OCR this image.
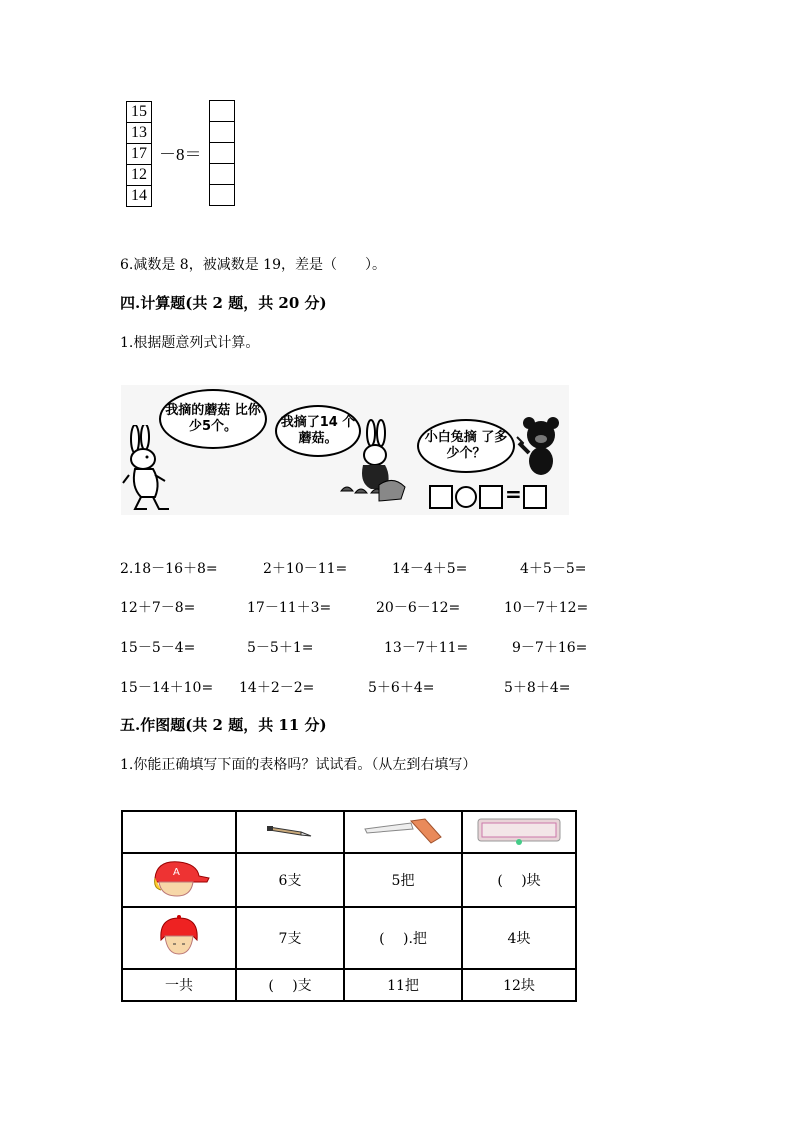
15
13
17
12
14
－8＝
6.减数是 8，被减数是 19，差是（　　）。
四.计算题(共 2 题，共 20 分)
1.根据题意列式计算。
我摘的蘑菇 比你少5个。	我摘了14 个蘑菇。	小白兔摘 了多少个？
=
2.18－16＋8=	2＋10－11=	14－4＋5=	4＋5－5=
12＋7－8=	17－11＋3=	20－6－12=	10－7＋12=
15－5－4=	5－5＋1=	13－7＋11=	9－7＋16=
15－14＋10= 14＋2－2=	5＋6＋4=	5＋8＋4=
五.作图题(共 2 题，共 11 分)
1.你能正确填写下面的表格吗？试试看。（从左到右填写）

A	6支	5把	(　 )块
	7支	(　 ).把	4块
一共	(　 )支	11把	12块
